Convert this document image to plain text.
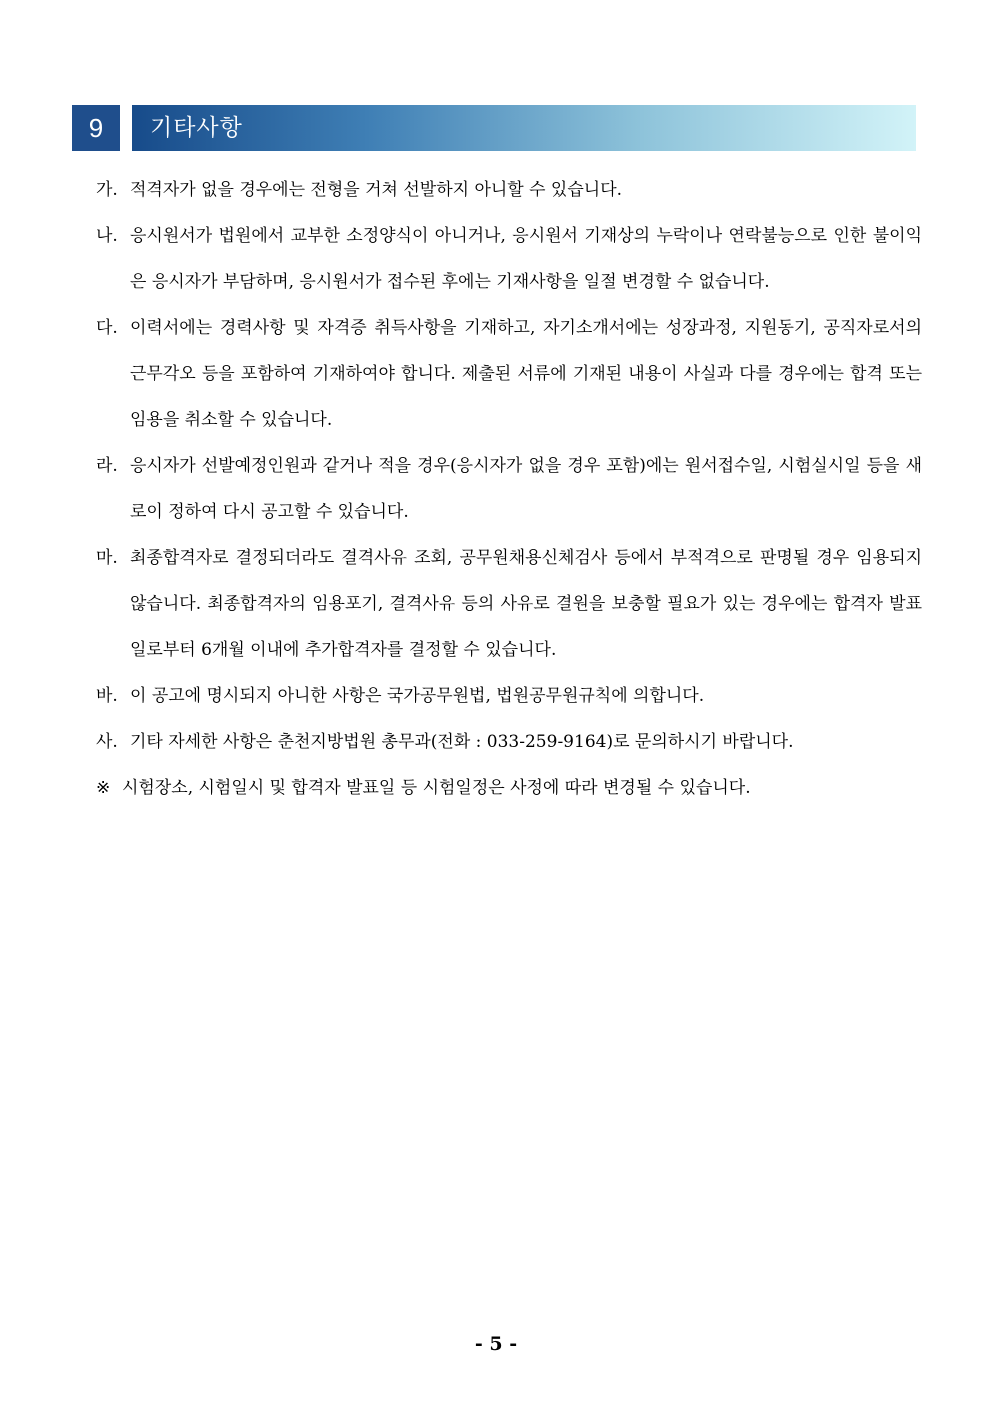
9	기타사항
가. 적격자가 없을 경우에는 전형을 거쳐 선발하지 아니할 수 있습니다.
나. 응시원서가 법원에서 교부한 소정양식이 아니거나, 응시원서 기재상의 누락이나 연락불능으로 인한 불이익은 응시자가 부담하며, 응시원서가 접수된 후에는 기재사항을 일절 변경할 수 없습니다.
다. 이력서에는 경력사항 및 자격증 취득사항을 기재하고, 자기소개서에는 성장과정, 지원동기, 공직자로서의 근무각오 등을 포함하여 기재하여야 합니다. 제출된 서류에 기재된 내용이 사실과 다를 경우에는 합격 또는 임용을 취소할 수 있습니다.
라. 응시자가 선발예정인원과 같거나 적을 경우(응시자가 없을 경우 포함)에는 원서접수일, 시험실시일 등을 새로이 정하여 다시 공고할 수 있습니다.
마. 최종합격자로 결정되더라도 결격사유 조회, 공무원채용신체검사 등에서 부적격으로 판명될 경우 임용되지 않습니다. 최종합격자의 임용포기, 결격사유 등의 사유로 결원을 보충할 필요가 있는 경우에는 합격자 발표일로부터 6개월 이내에 추가합격자를 결정할 수 있습니다.
바. 이 공고에 명시되지 아니한 사항은 국가공무원법, 법원공무원규칙에 의합니다.
사. 기타 자세한 사항은 춘천지방법원 총무과(전화 : 033-259-9164)로 문의하시기 바랍니다.
※ 시험장소, 시험일시 및 합격자 발표일 등 시험일정은 사정에 따라 변경될 수 있습니다.
- 5 -
